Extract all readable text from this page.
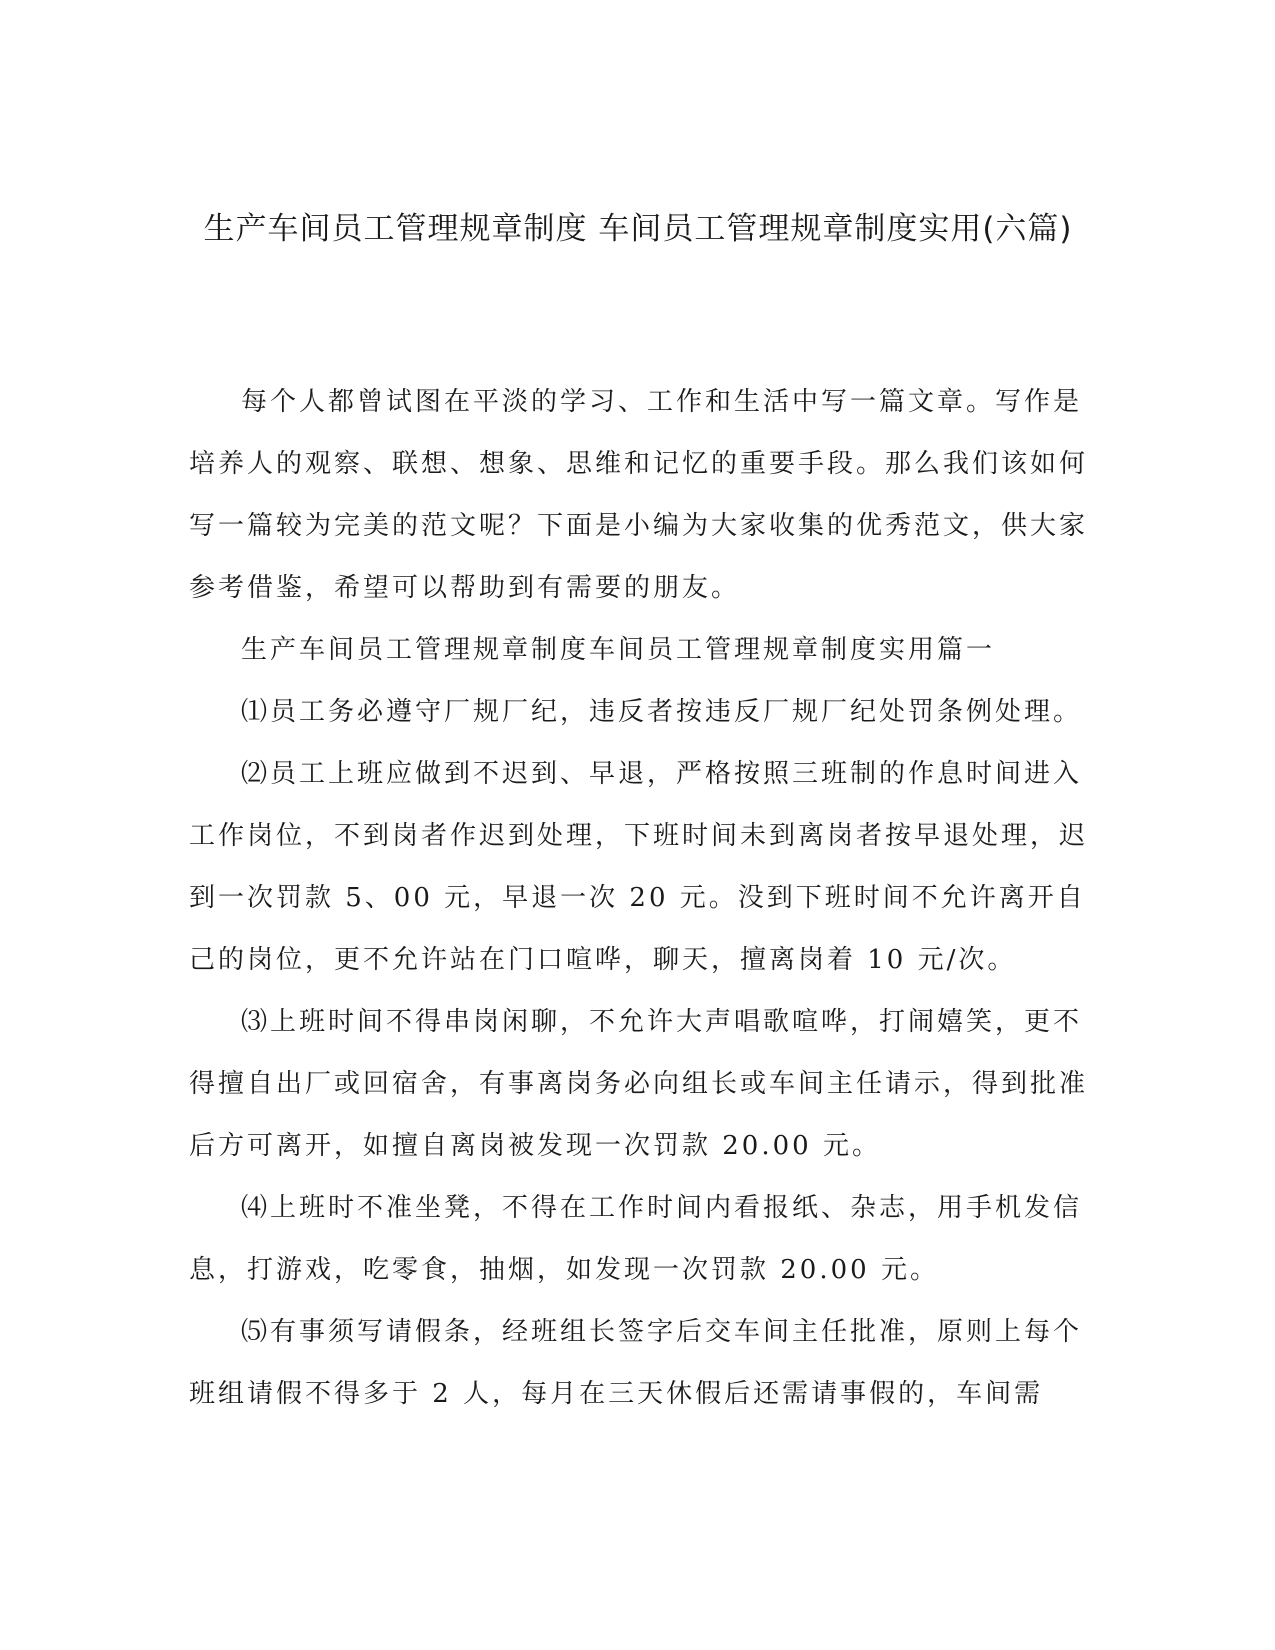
生产车间员工管理规章制度 车间员工管理规章制度实用(六篇)

每个人都曾试图在平淡的学习、工作和生活中写一篇文章。写作是培养人的观察、联想、想象、思维和记忆的重要手段。那么我们该如何写一篇较为完美的范文呢？下面是小编为大家收集的优秀范文，供大家参考借鉴，希望可以帮助到有需要的朋友。

生产车间员工管理规章制度车间员工管理规章制度实用篇一

⑴员工务必遵守厂规厂纪，违反者按违反厂规厂纪处罚条例处理。

⑵员工上班应做到不迟到、早退，严格按照三班制的作息时间进入工作岗位，不到岗者作迟到处理，下班时间未到离岗者按早退处理，迟到一次罚款 5、00 元，早退一次 20 元。没到下班时间不允许离开自己的岗位，更不允许站在门口喧哗，聊天，擅离岗着 10 元/次。

⑶上班时间不得串岗闲聊，不允许大声唱歌喧哗，打闹嬉笑，更不得擅自出厂或回宿舍，有事离岗务必向组长或车间主任请示，得到批准后方可离开，如擅自离岗被发现一次罚款 20.00 元。

⑷上班时不准坐凳，不得在工作时间内看报纸、杂志，用手机发信息，打游戏，吃零食，抽烟，如发现一次罚款 20.00 元。

⑸有事须写请假条，经班组长签字后交车间主任批准，原则上每个班组请假不得多于 2 人，每月在三天休假后还需请事假的，车间需
